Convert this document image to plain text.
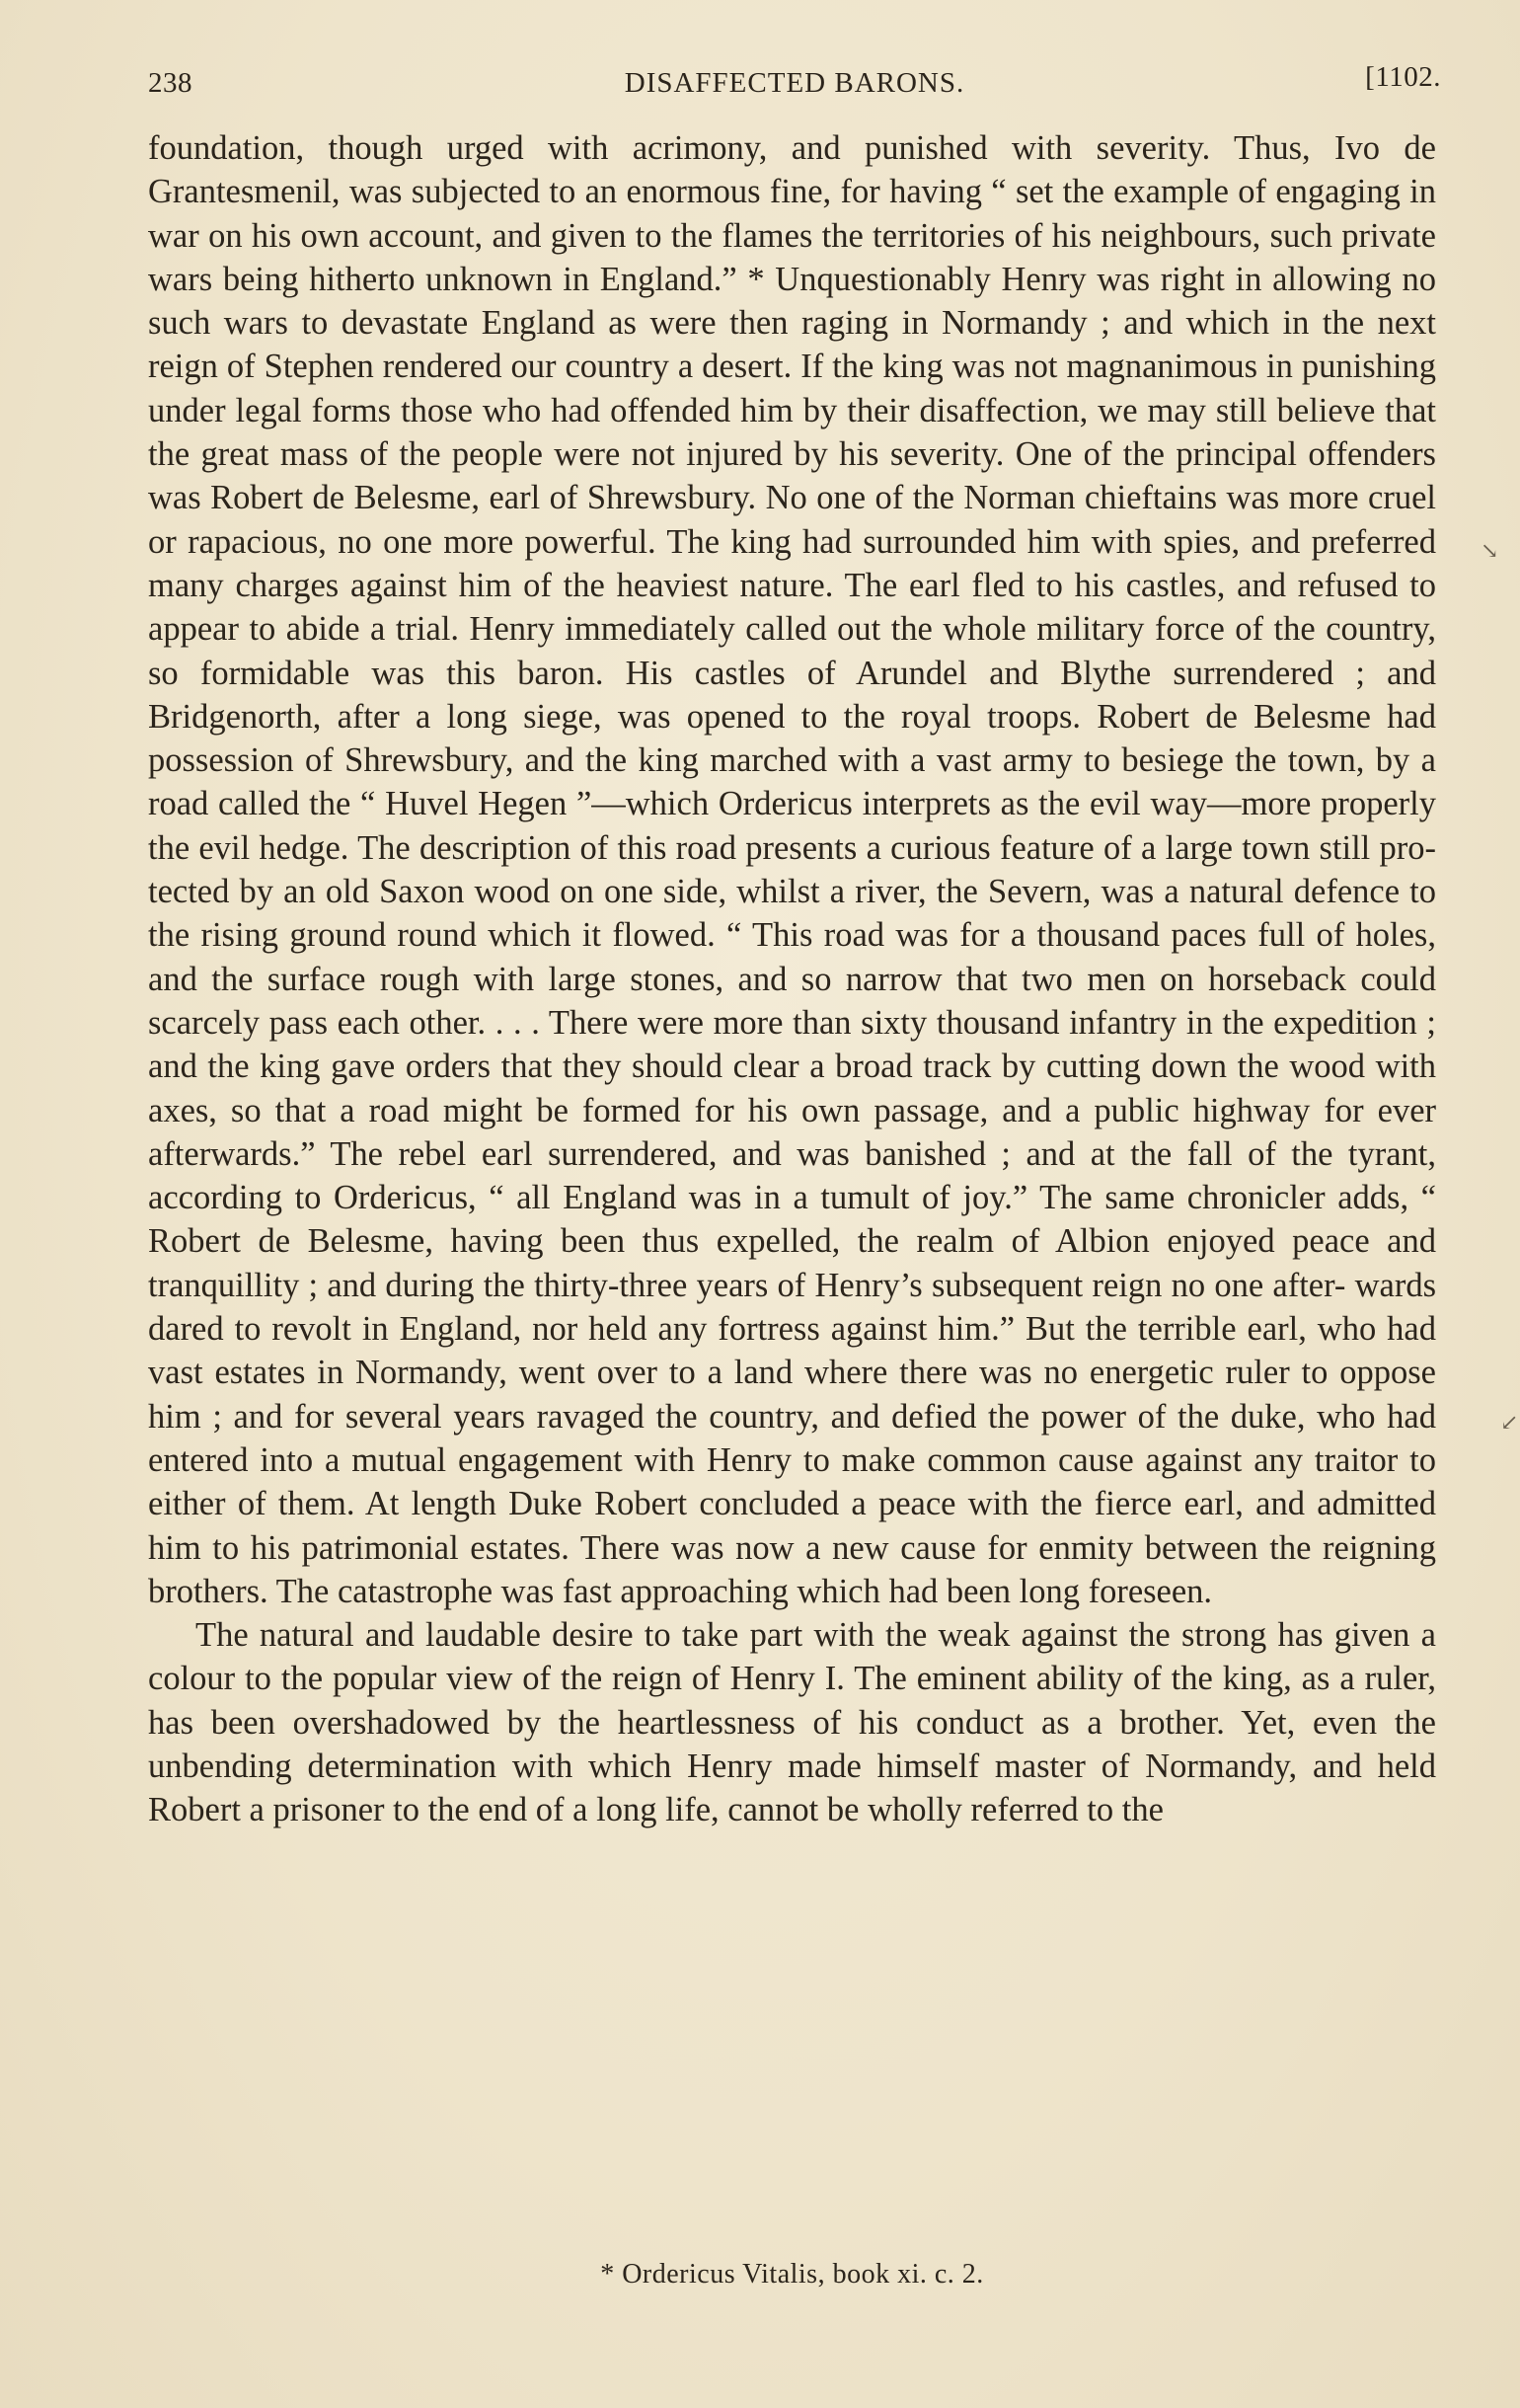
238	DISAFFECTED BARONS.	[1102.

foundation, though urged with acrimony, and punished with severity. Thus, Ivo de Grantesmenil, was subjected to an enormous fine, for having “ set the example of engaging in war on his own account, and given to the flames the territories of his neighbours, such private wars being hitherto unknown in England.” * Unquestionably Henry was right in allowing no such wars to devastate England as were then raging in Normandy ; and which in the next reign of Stephen rendered our country a desert. If the king was not magnanimous in punishing under legal forms those who had offended him by their disaffection, we may still believe that the great mass of the people were not injured by his severity. One of the principal offenders was Robert de Belesme, earl of Shrewsbury. No one of the Norman chieftains was more cruel or rapacious, no one more powerful. The king had surrounded him with spies, and preferred many charges against him of the heaviest nature. The earl fled to his castles, and refused to appear to abide a trial. Henry immediately called out the whole military force of the country, so formidable was this baron. His castles of Arundel and Blythe surrendered ; and Bridgenorth, after a long siege, was opened to the royal troops. Robert de Belesme had possession of Shrewsbury, and the king marched with a vast army to besiege the town, by a road called the “ Huvel Hegen ”—which Ordericus interprets as the evil way—more properly the evil hedge. The description of this road presents a curious feature of a large town still pro- tected by an old Saxon wood on one side, whilst a river, the Severn, was a natural defence to the rising ground round which it flowed. “ This road was for a thousand paces full of holes, and the surface rough with large stones, and so narrow that two men on horseback could scarcely pass each other. . . . There were more than sixty thousand infantry in the expedition ; and the king gave orders that they should clear a broad track by cutting down the wood with axes, so that a road might be formed for his own passage, and a public highway for ever afterwards.” The rebel earl surrendered, and was banished ; and at the fall of the tyrant, according to Ordericus, “ all England was in a tumult of joy.” The same chronicler adds, “ Robert de Belesme, having been thus expelled, the realm of Albion enjoyed peace and tranquillity ; and during the thirty-three years of Henry’s subsequent reign no one after- wards dared to revolt in England, nor held any fortress against him.” But the terrible earl, who had vast estates in Normandy, went over to a land where there was no energetic ruler to oppose him ; and for several years ravaged the country, and defied the power of the duke, who had entered into a mutual engagement with Henry to make common cause against any traitor to either of them. At length Duke Robert concluded a peace with the fierce earl, and admitted him to his patrimonial estates. There was now a new cause for enmity between the reigning brothers. The catastrophe was fast approaching which had been long foreseen.

The natural and laudable desire to take part with the weak against the strong has given a colour to the popular view of the reign of Henry I. The eminent ability of the king, as a ruler, has been overshadowed by the heartlessness of his conduct as a brother. Yet, even the unbending determination with which Henry made himself master of Normandy, and held Robert a prisoner to the end of a long life, cannot be wholly referred to the

* Ordericus Vitalis, book xi. c. 2.
↘
↙
